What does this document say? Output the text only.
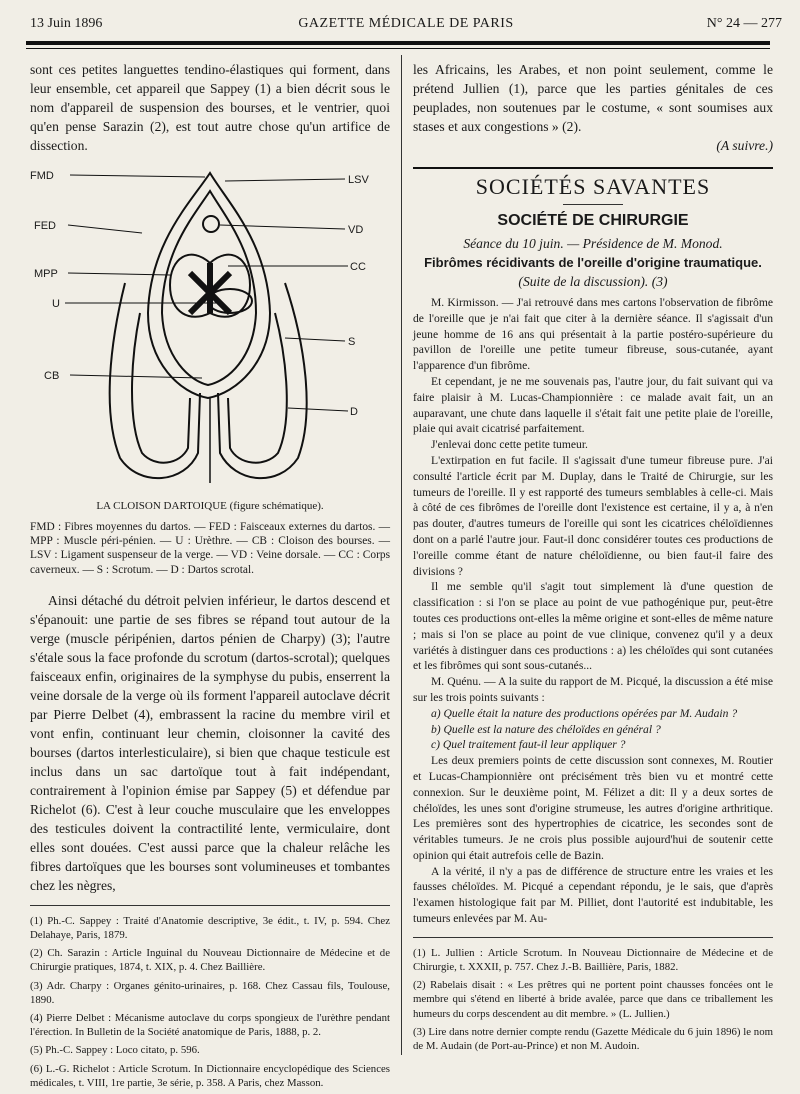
13 Juin 1896	GAZETTE MÉDICALE DE PARIS	N° 24 — 277

sont ces petites languettes tendino-élastiques qui forment, dans leur ensemble, cet appareil que Sappey (1) a bien décrit sous le nom d'appareil de suspension des bourses, et le ventrier, quoi qu'en pense Sarazin (2), est tout autre chose qu'un artifice de dissection.

FMD
FED
MPP
U
CB
LSV
VD
CC
S
D

LA CLOISON DARTOIQUE (figure schématique).

FMD : Fibres moyennes du dartos. — FED : Faisceaux externes du dartos. — MPP : Muscle péri-pénien. — U : Urèthre. — CB : Cloison des bourses. — LSV : Ligament suspenseur de la verge. — VD : Veine dorsale. — CC : Corps caverneux. — S : Scrotum. — D : Dartos scrotal.

Ainsi détaché du détroit pelvien inférieur, le dartos descend et s'épanouit: une partie de ses fibres se répand tout autour de la verge (muscle péripénien, dartos pénien de Charpy) (3); l'autre s'étale sous la face profonde du scrotum (dartos-scrotal); quelques faisceaux enfin, originaires de la symphyse du pubis, enserrent la veine dorsale de la verge où ils forment l'appareil autoclave décrit par Pierre Delbet (4), embrassent la racine du membre viril et vont enfin, continuant leur chemin, cloisonner la cavité des bourses (dartos interlesticulaire), si bien que chaque testicule est inclus dans un sac dartoïque tout à fait indépendant, contrairement à l'opinion émise par Sappey (5) et défendue par Richelot (6). C'est à leur couche musculaire que les enveloppes des testicules doivent la contractilité lente, vermiculaire, dont elles sont douées. C'est aussi parce que la chaleur relâche les fibres dartoïques que les bourses sont volumineuses et tombantes chez les nègres,

(1) Ph.-C. Sappey : Traité d'Anatomie descriptive, 3e édit., t. IV, p. 594. Chez Delahaye, Paris, 1879.

(2) Ch. Sarazin : Article Inguinal du Nouveau Dictionnaire de Médecine et de Chirurgie pratiques, 1874, t. XIX, p. 4. Chez Baillière.

(3) Adr. Charpy : Organes génito-urinaires, p. 168. Chez Cassau fils, Toulouse, 1890.

(4) Pierre Delbet : Mécanisme autoclave du corps spongieux de l'urèthre pendant l'érection. In Bulletin de la Société anatomique de Paris, 1888, p. 2.

(5) Ph.-C. Sappey : Loco citato, p. 596.

(6) L.-G. Richelot : Article Scrotum. In Dictionnaire encyclopédique des Sciences médicales, t. VIII, 1re partie, 3e série, p. 358. A Paris, chez Masson.

les Africains, les Arabes, et non point seulement, comme le prétend Jullien (1), parce que les parties génitales de ces peuplades, non soutenues par le costume, « sont soumises aux stases et aux congestions » (2).

(A suivre.)

SOCIÉTÉS SAVANTES
SOCIÉTÉ DE CHIRURGIE

Séance du 10 juin. — Présidence de M. Monod.

Fibrômes récidivants de l'oreille d'origine traumatique.

(Suite de la discussion). (3)

M. Kirmisson. — J'ai retrouvé dans mes cartons l'observation de fibrôme de l'oreille que je n'ai fait que citer à la dernière séance. Il s'agissait d'un jeune homme de 16 ans qui présentait à la partie postéro-supérieure du pavillon de l'oreille une petite tumeur fibreuse, sous-cutanée, ayant l'apparence d'un fibrôme.

Et cependant, je ne me souvenais pas, l'autre jour, du fait suivant qui va faire plaisir à M. Lucas-Championnière : ce malade avait fait, un an auparavant, une chute dans laquelle il s'était fait une petite plaie de l'oreille, plaie qui avait cicatrisé parfaitement.

J'enlevai donc cette petite tumeur.

L'extirpation en fut facile. Il s'agissait d'une tumeur fibreuse pure. J'ai consulté l'article écrit par M. Duplay, dans le Traité de Chirurgie, sur les tumeurs de l'oreille. Il y est rapporté des tumeurs semblables à celle-ci. Mais à côté de ces fibrômes de l'oreille dont l'existence est certaine, il y a, à n'en pas douter, d'autres tumeurs de l'oreille qui sont les cicatrices chéloïdiennes dont on a parlé l'autre jour. Faut-il donc considérer toutes ces productions de l'oreille comme étant de nature chéloïdienne, ou bien faut-il faire des divisions ?

Il me semble qu'il s'agit tout simplement là d'une question de classification : si l'on se place au point de vue pathogénique pur, peut-être toutes ces productions ont-elles la même origine et sont-elles de même nature ; mais si l'on se place au point de vue clinique, convenez qu'il y a deux variétés à distinguer dans ces productions : a) les chéloïdes qui sont cutanées et les fibrômes qui sont sous-cutanés...

M. Quénu. — A la suite du rapport de M. Picqué, la discussion a été mise sur les trois points suivants :

a) Quelle était la nature des productions opérées par M. Audain ?

b) Quelle est la nature des chéloïdes en général ?

c) Quel traitement faut-il leur appliquer ?

Les deux premiers points de cette discussion sont connexes, M. Routier et Lucas-Championnière ont précisément très bien vu et montré cette connexion. Sur le deuxième point, M. Félizet a dit: Il y a deux sortes de chéloïdes, les unes sont d'origine strumeuse, les autres d'origine arthritique. Les premières sont des hypertrophies de cicatrice, les secondes sont de véritables tumeurs. Je ne crois plus possible aujourd'hui de soutenir cette opinion qui était autrefois celle de Bazin.

A la vérité, il n'y a pas de différence de structure entre les vraies et les fausses chéloïdes. M. Picqué a cependant répondu, je le sais, que d'après l'examen histologique fait par M. Pilliet, dont l'autorité est indubitable, les tumeurs enlevées par M. Au-

(1) L. Jullien : Article Scrotum. In Nouveau Dictionnaire de Médecine et de Chirurgie, t. XXXII, p. 757. Chez J.-B. Baillière, Paris, 1882.

(2) Rabelais disait : « Les prêtres qui ne portent point chausses foncées ont le membre qui s'étend en liberté à bride avalée, parce que dans ce triballement les humeurs du corps descendent au dit membre. » (L. Jullien.)

(3) Lire dans notre dernier compte rendu (Gazette Médicale du 6 juin 1896) le nom de M. Audain (de Port-au-Prince) et non M. Audoin.
